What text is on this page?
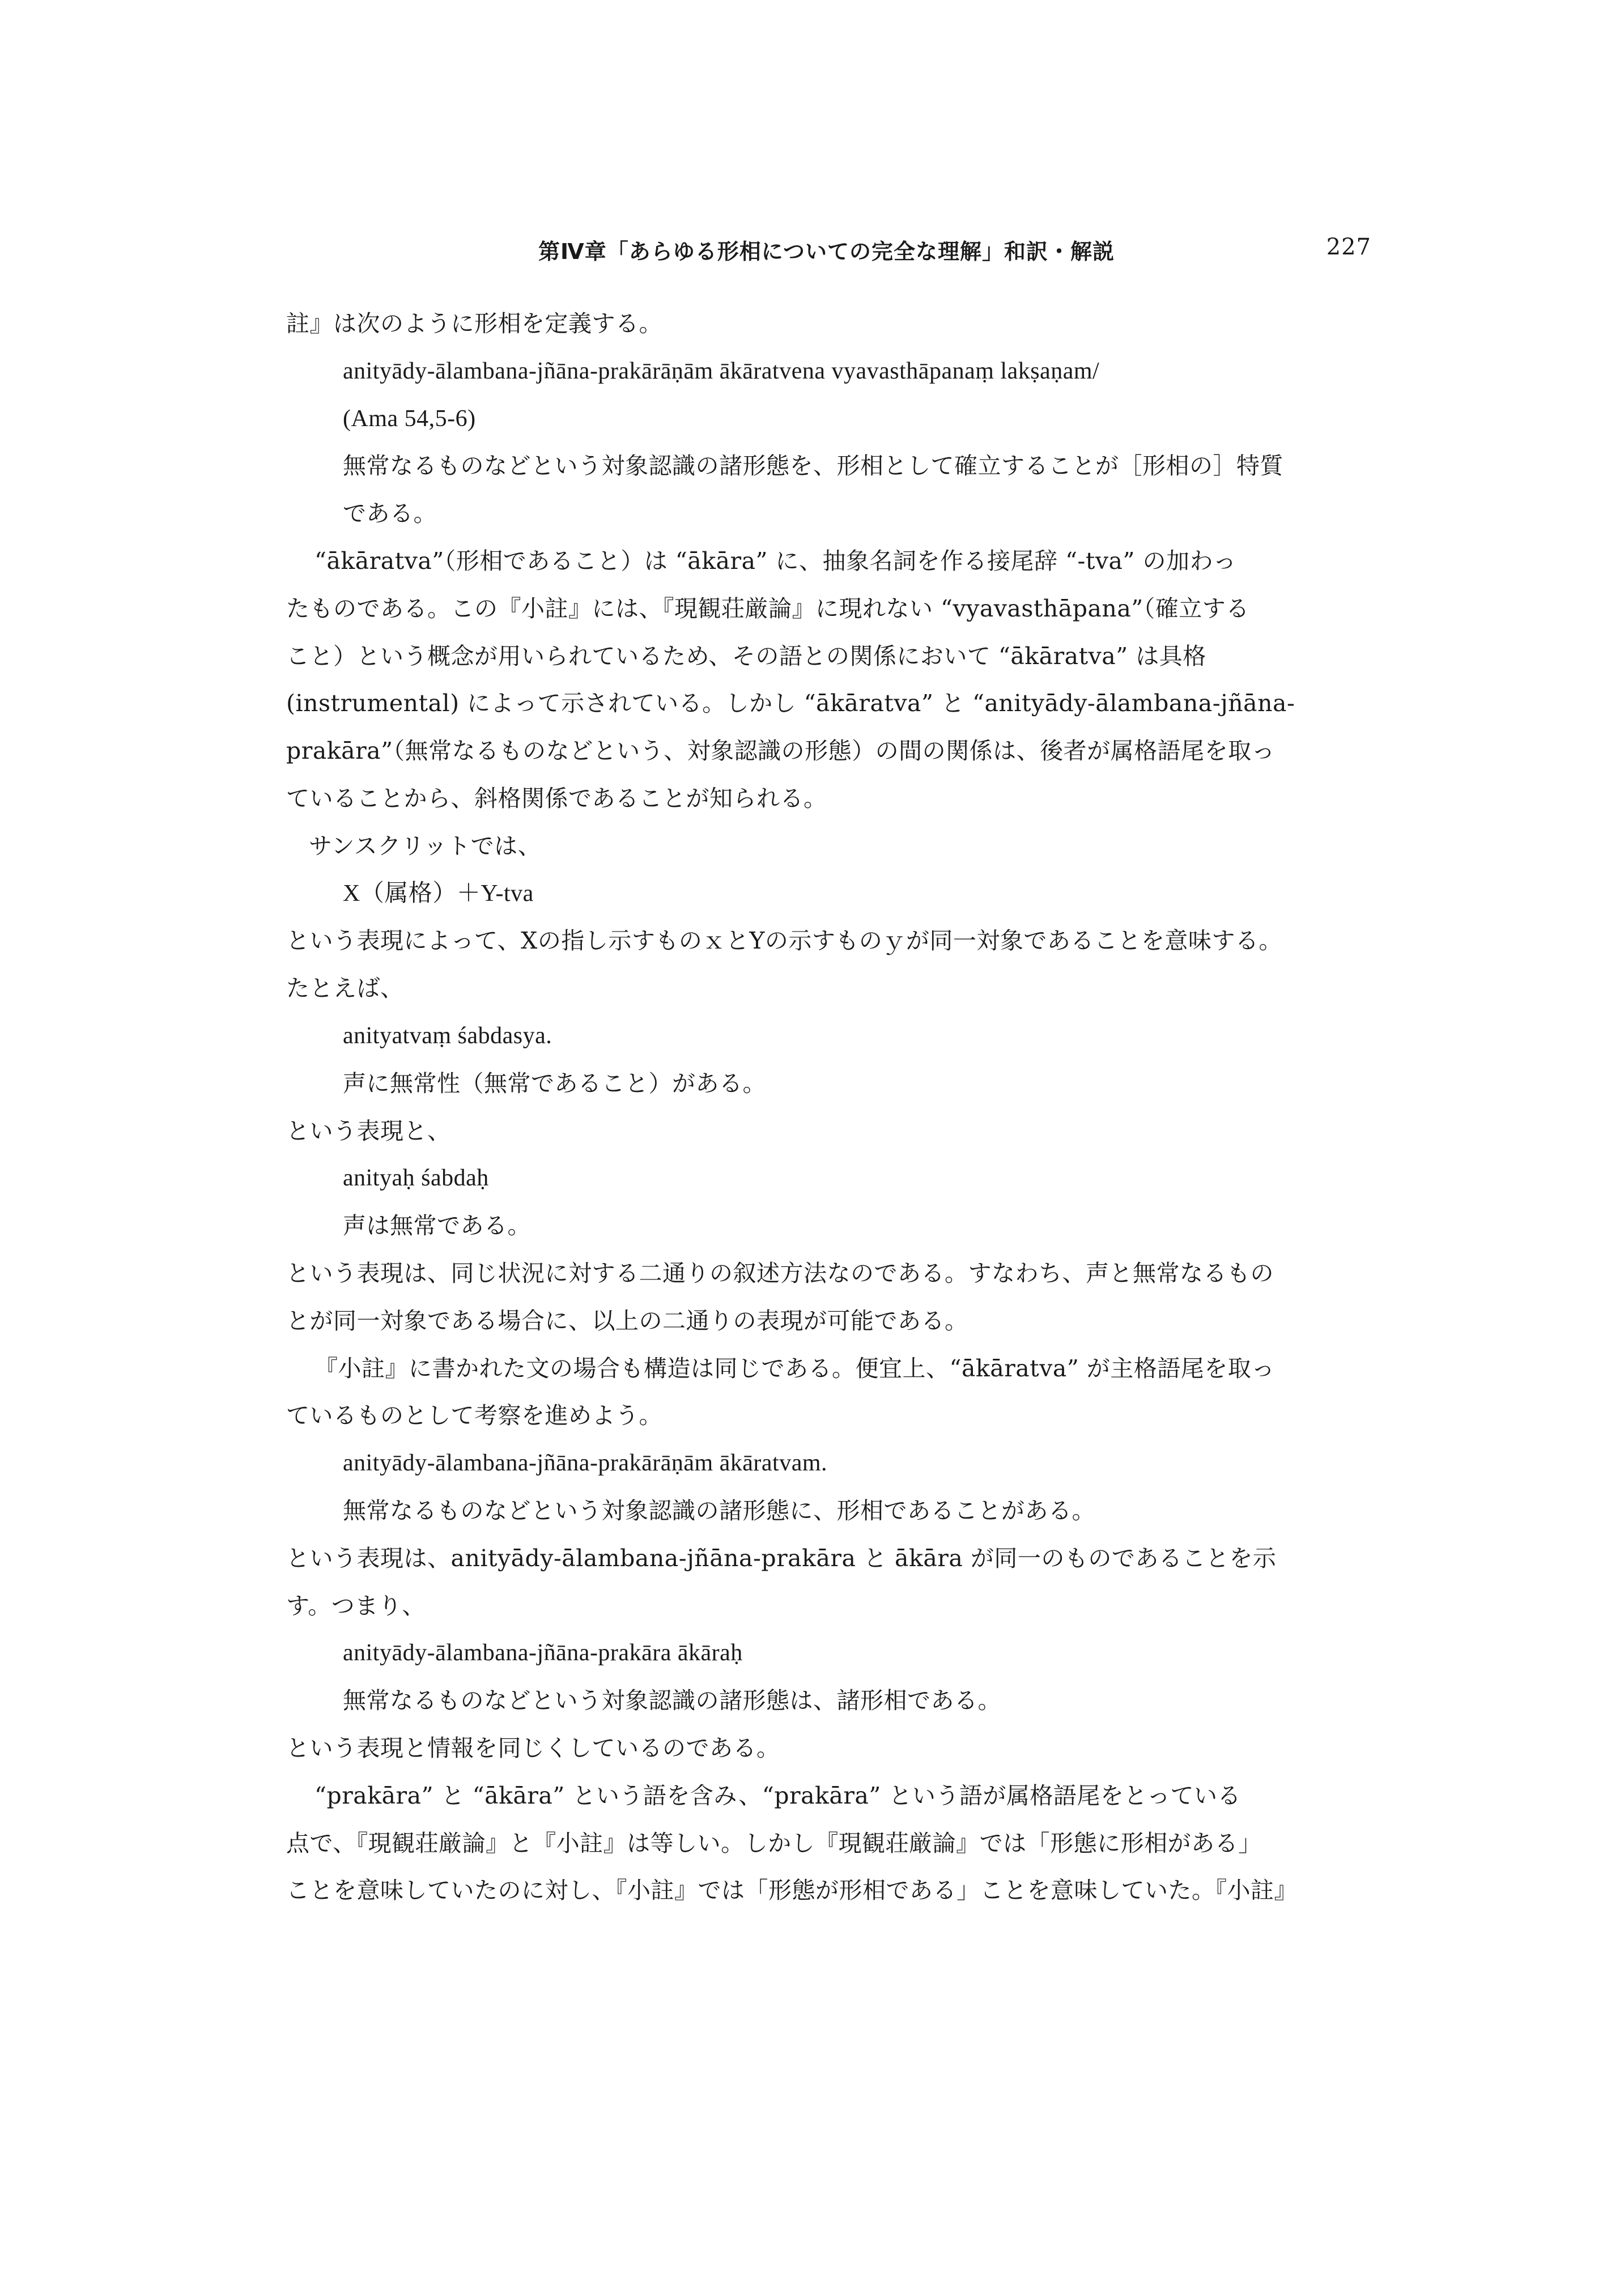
第Ⅳ章「あらゆる形相についての完全な理解」和訳・解説	227
註』は次のように形相を定義する。
anityādy-ālambana-jñāna-prakārāṇām ākāratvena vyavasthāpanaṃ lakṣaṇam/
(Ama 54,5-6)
無常なるものなどという対象認識の諸形態を、形相として確立することが［形相の］特質
である。
“ākāratva”（形相であること）は “ākāra” に、抽象名詞を作る接尾辞 “-tva” の加わっ
たものである。この『小註』には、『現観荘厳論』に現れない “vyavasthāpana”（確立する
こと）という概念が用いられているため、その語との関係において “ākāratva” は具格
(instrumental) によって示されている。しかし “ākāratva” と “anityādy-ālambana-jñāna-
prakāra”（無常なるものなどという、対象認識の形態）の間の関係は、後者が属格語尾を取っ
ていることから、斜格関係であることが知られる。
サンスクリットでは、
X（属格）＋Y-tva
という表現によって、Xの指し示すものｘとYの示すものｙが同一対象であることを意味する。
たとえば、
anityatvaṃ śabdasya.
声に無常性（無常であること）がある。
という表現と、
anityaḥ śabdaḥ
声は無常である。
という表現は、同じ状況に対する二通りの叙述方法なのである。すなわち、声と無常なるもの
とが同一対象である場合に、以上の二通りの表現が可能である。
『小註』に書かれた文の場合も構造は同じである。便宜上、“ākāratva” が主格語尾を取っ
ているものとして考察を進めよう。
anityādy-ālambana-jñāna-prakārāṇām ākāratvam.
無常なるものなどという対象認識の諸形態に、形相であることがある。
という表現は、anityādy-ālambana-jñāna-prakāra と ākāra が同一のものであることを示
す。つまり、
anityādy-ālambana-jñāna-prakāra ākāraḥ
無常なるものなどという対象認識の諸形態は、諸形相である。
という表現と情報を同じくしているのである。
“prakāra” と “ākāra” という語を含み、“prakāra” という語が属格語尾をとっている
点で、『現観荘厳論』と『小註』は等しい。しかし『現観荘厳論』では「形態に形相がある」
ことを意味していたのに対し、『小註』では「形態が形相である」ことを意味していた。『小註』
